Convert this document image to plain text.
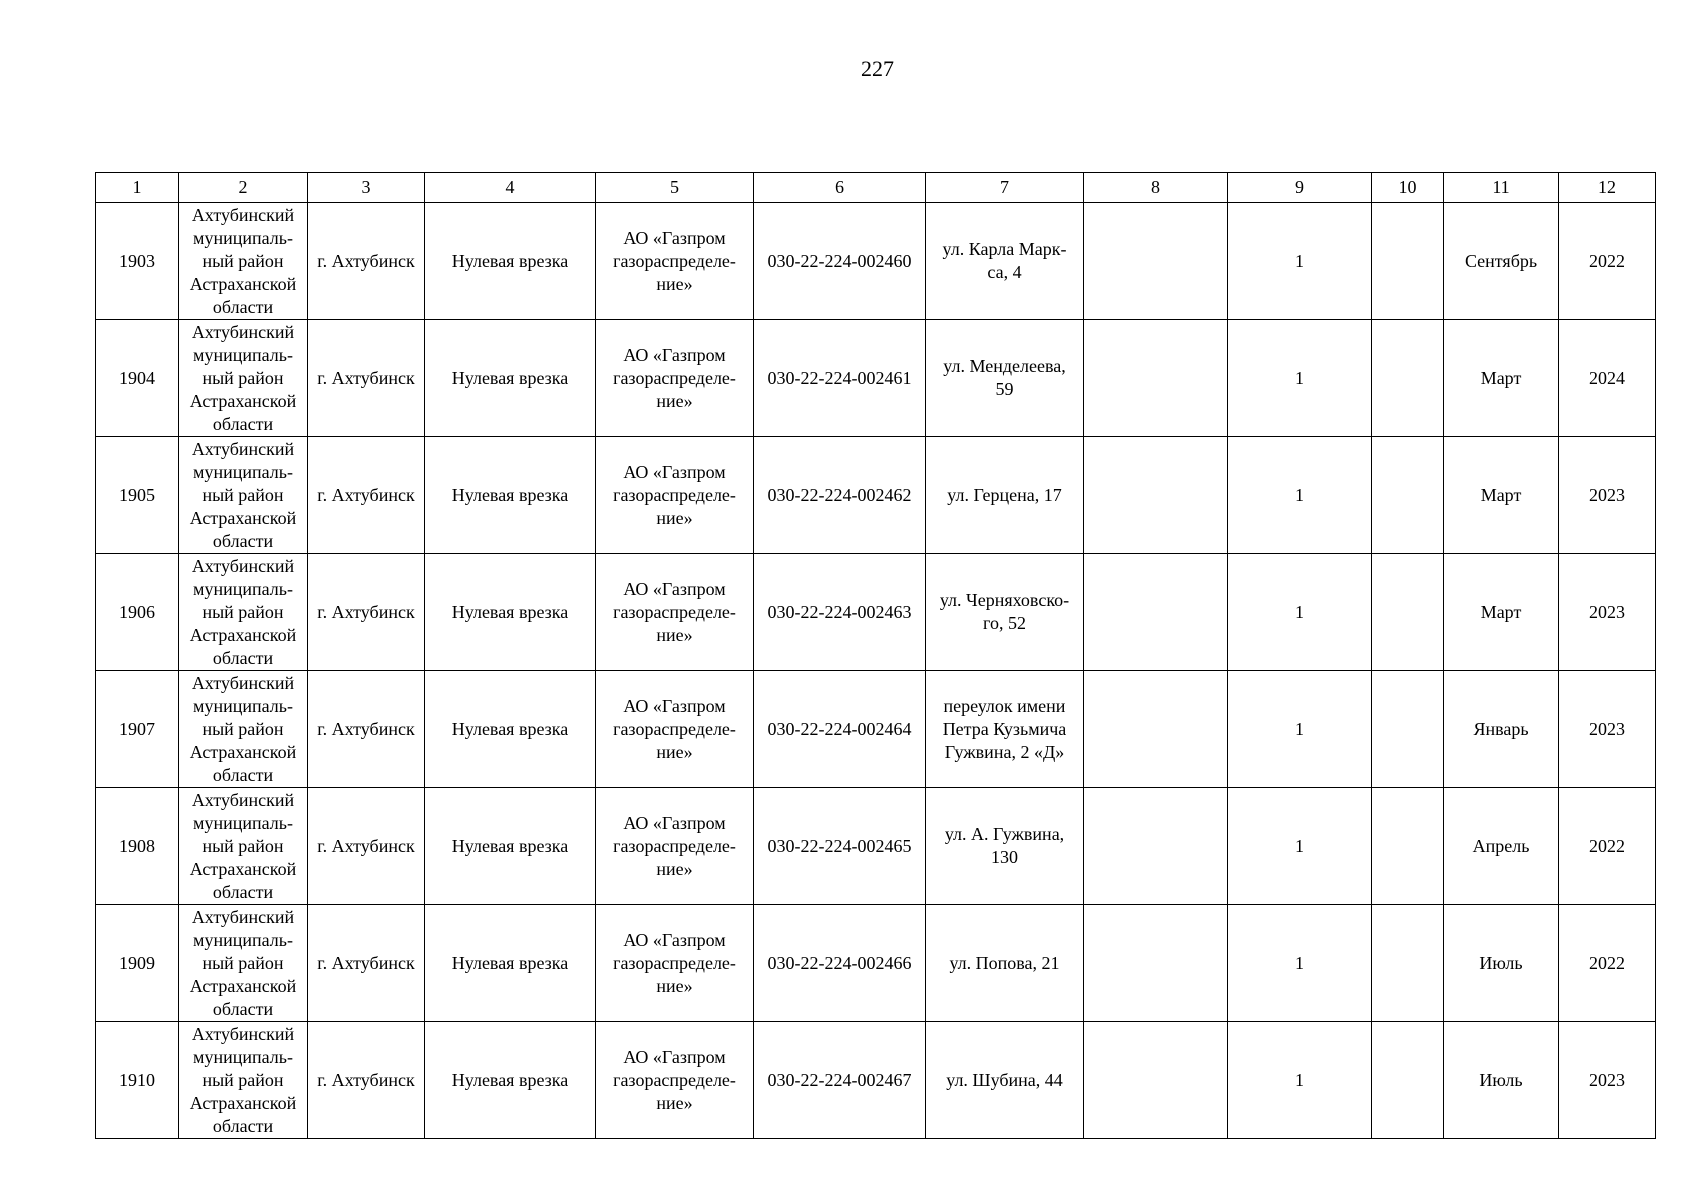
227
1	2	3	4	5	6	7	8	9	10	11	12
1903	Ахтубинский
муниципаль-
ный район
Астраханской
области	г. Ахтубинск	Нулевая врезка	АО «Газпром
газораспределе-
ние»	030-22-224-002460	ул. Карла Марк-
са, 4		1		Сентябрь	2022
1904	Ахтубинский
муниципаль-
ный район
Астраханской
области	г. Ахтубинск	Нулевая врезка	АО «Газпром
газораспределе-
ние»	030-22-224-002461	ул. Менделеева,
59		1		Март	2024
1905	Ахтубинский
муниципаль-
ный район
Астраханской
области	г. Ахтубинск	Нулевая врезка	АО «Газпром
газораспределе-
ние»	030-22-224-002462	ул. Герцена, 17		1		Март	2023
1906	Ахтубинский
муниципаль-
ный район
Астраханской
области	г. Ахтубинск	Нулевая врезка	АО «Газпром
газораспределе-
ние»	030-22-224-002463	ул. Черняховско-
го, 52		1		Март	2023
1907	Ахтубинский
муниципаль-
ный район
Астраханской
области	г. Ахтубинск	Нулевая врезка	АО «Газпром
газораспределе-
ние»	030-22-224-002464	переулок имени
Петра Кузьмича
Гужвина, 2 «Д»		1		Январь	2023
1908	Ахтубинский
муниципаль-
ный район
Астраханской
области	г. Ахтубинск	Нулевая врезка	АО «Газпром
газораспределе-
ние»	030-22-224-002465	ул. А. Гужвина,
130		1		Апрель	2022
1909	Ахтубинский
муниципаль-
ный район
Астраханской
области	г. Ахтубинск	Нулевая врезка	АО «Газпром
газораспределе-
ние»	030-22-224-002466	ул. Попова, 21		1		Июль	2022
1910	Ахтубинский
муниципаль-
ный район
Астраханской
области	г. Ахтубинск	Нулевая врезка	АО «Газпром
газораспределе-
ние»	030-22-224-002467	ул. Шубина, 44		1		Июль	2023
